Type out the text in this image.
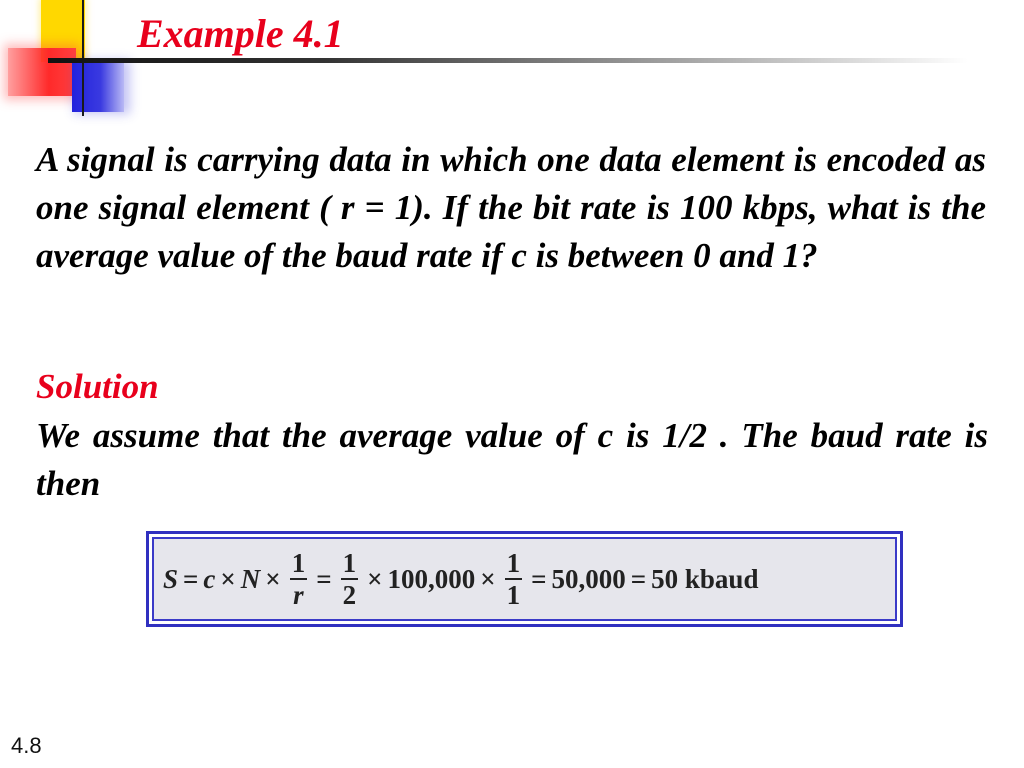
Example 4.1

A signal is carrying data in which one data element is encoded as one signal element ( r = 1). If the bit rate is 100 kbps, what is the average value of the baud rate if c is between 0 and 1?

Solution

We assume that the average value of c is 1/2 . The baud rate is then

$S = c \times N \times \frac{1}{r} = \frac{1}{2} \times 100,000 \times \frac{1}{1} = 50,000 = 50$ kbaud
4.8
